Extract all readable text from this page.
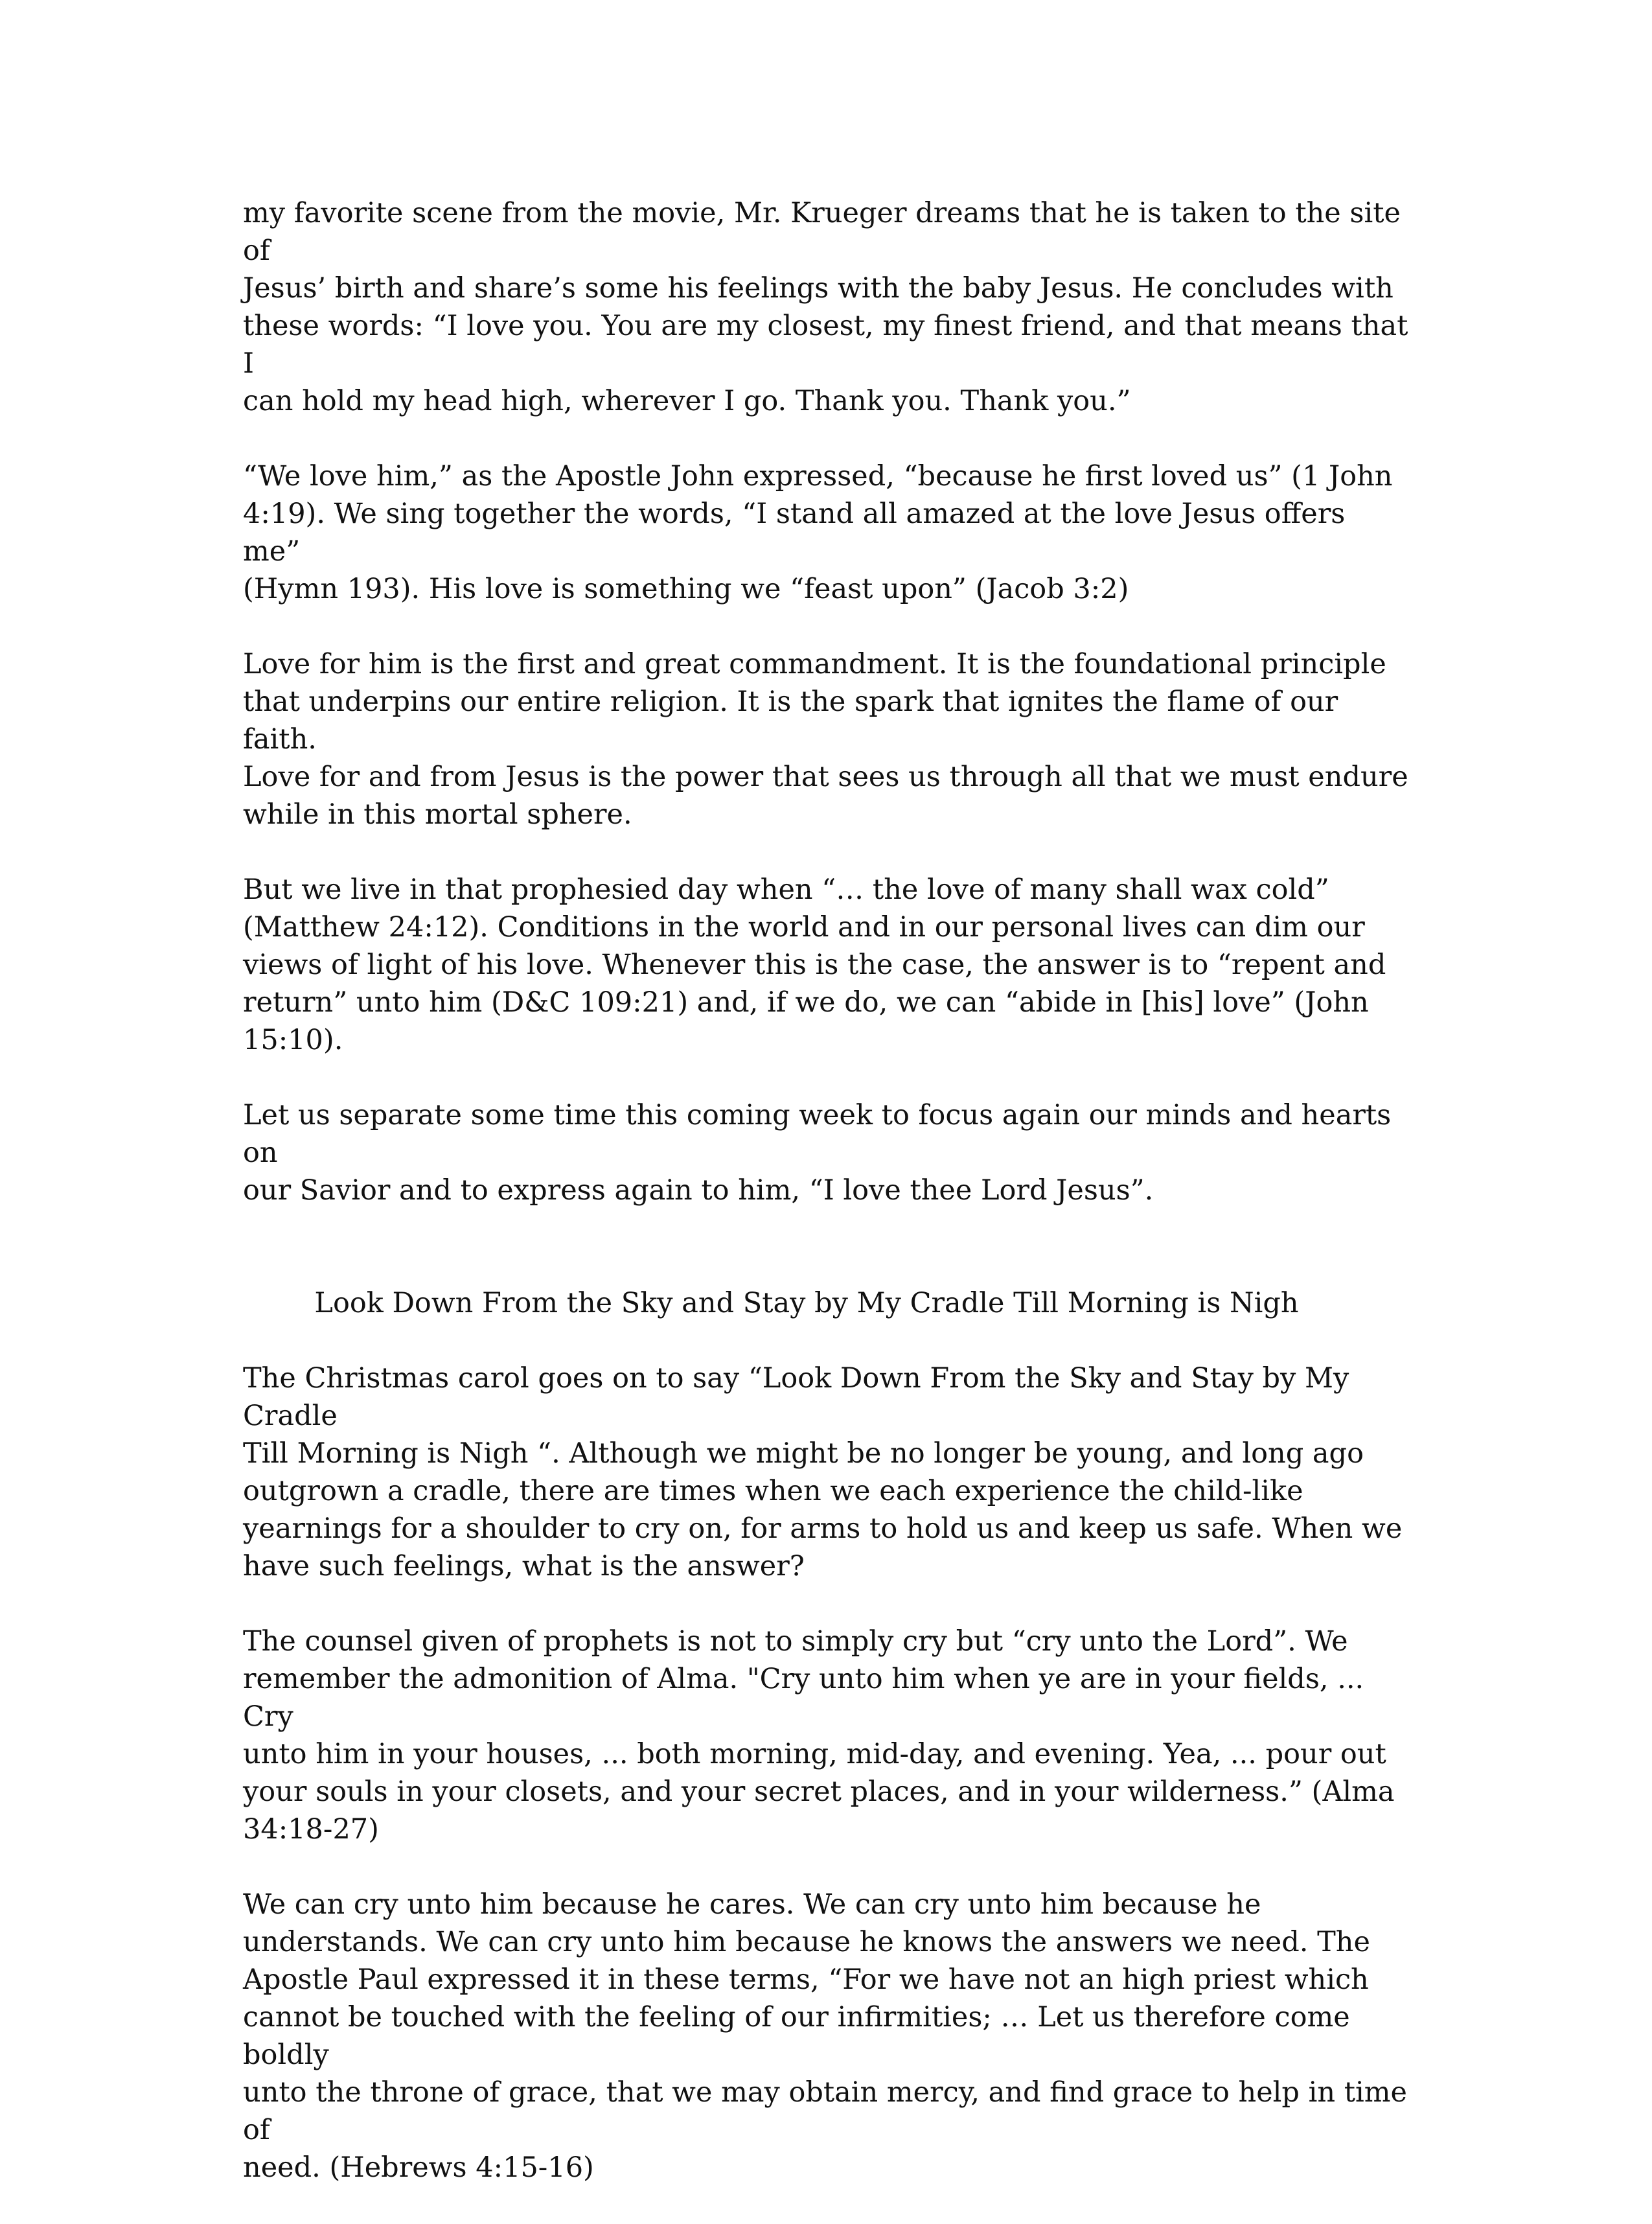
my favorite scene from the movie, Mr. Krueger dreams that he is taken to the site of
Jesus’ birth and share’s some his feelings with the baby Jesus. He concludes with
these words: “I love you. You are my closest, my finest friend, and that means that I
can hold my head high, wherever I go. Thank you. Thank you.”

“We love him,” as the Apostle John expressed, “because he first loved us” (1 John
4:19). We sing together the words, “I stand all amazed at the love Jesus offers me”
(Hymn 193). His love is something we “feast upon” (Jacob 3:2)

Love for him is the first and great commandment. It is the foundational principle
that underpins our entire religion. It is the spark that ignites the flame of our faith.
Love for and from Jesus is the power that sees us through all that we must endure
while in this mortal sphere.

But we live in that prophesied day when “… the love of many shall wax cold”
(Matthew 24:12). Conditions in the world and in our personal lives can dim our
views of light of his love. Whenever this is the case, the answer is to “repent and
return” unto him (D&C 109:21) and, if we do, we can “abide in [his] love” (John
15:10).

Let us separate some time this coming week to focus again our minds and hearts on
our Savior and to express again to him, “I love thee Lord Jesus”.

Look Down From the Sky and Stay by My Cradle Till Morning is Nigh

The Christmas carol goes on to say “Look Down From the Sky and Stay by My Cradle
Till Morning is Nigh “. Although we might be no longer be young, and long ago
outgrown a cradle, there are times when we each experience the child-like
yearnings for a shoulder to cry on, for arms to hold us and keep us safe. When we
have such feelings, what is the answer?

The counsel given of prophets is not to simply cry but “cry unto the Lord”. We
remember the admonition of Alma. "Cry unto him when ye are in your fields, ... Cry
unto him in your houses, ... both morning, mid-day, and evening. Yea, ... pour out
your souls in your closets, and your secret places, and in your wilderness.” (Alma
34:18-27)

We can cry unto him because he cares. We can cry unto him because he
understands. We can cry unto him because he knows the answers we need. The
Apostle Paul expressed it in these terms, “For we have not an high priest which
cannot be touched with the feeling of our infirmities; … Let us therefore come boldly
unto the throne of grace, that we may obtain mercy, and find grace to help in time of
need. (Hebrews 4:15-16)
